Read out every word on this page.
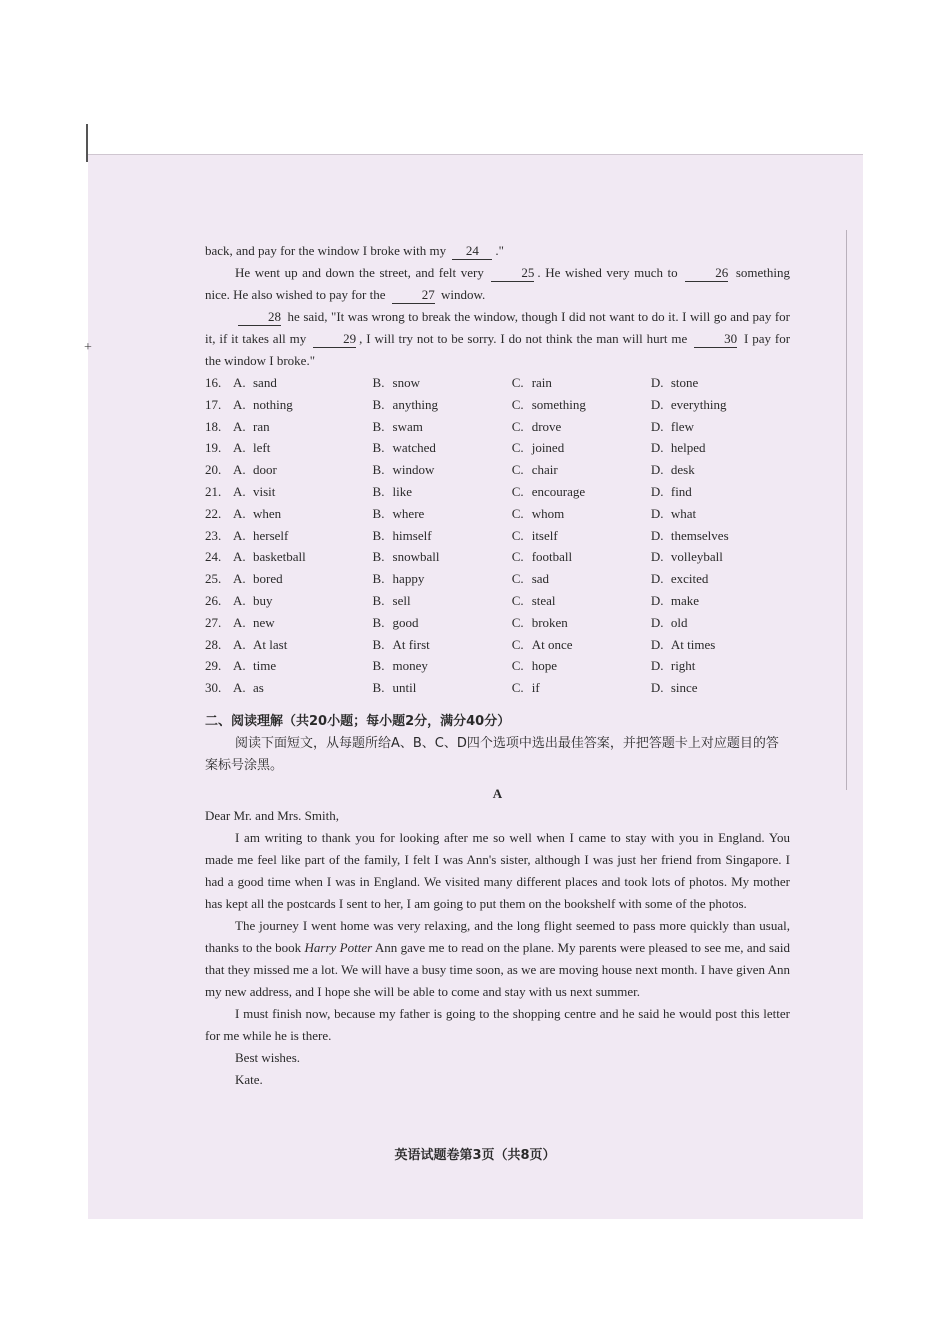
+

back, and pay for the window I broke with my 24 ."

He went up and down the street, and felt very	25 . He wished very much to	26 something nice. He also wished to pay for the	27 window.

28 he said, "It was wrong to break the window, though I did not want to do it. I will go and pay for it, if it takes all my	29 , I will try not to be sorry. I do not think the man will hurt me	30 I pay for the window I broke."

16. A. sand	B. snow	C. rain	D. stone
17. A. nothing	B. anything	C. something	D. everything
18. A. ran	B. swam	C. drove	D. flew
19. A. left	B. watched	C. joined	D. helped
20. A. door	B. window	C. chair	D. desk
21. A. visit	B. like	C. encourage	D. find
22. A. when	B. where	C. whom	D. what
23. A. herself	B. himself	C. itself	D. themselves
24. A. basketball	B. snowball	C. football	D. volleyball
25. A. bored	B. happy	C. sad	D. excited
26. A. buy	B. sell	C. steal	D. make
27. A. new	B. good	C. broken	D. old
28. A. At last	B. At first	C. At once	D. At times
29. A. time	B. money	C. hope	D. right
30. A. as	B. until	C. if	D. since
二、阅读理解（共20小题；每小题2分，满分40分）
阅读下面短文，从每题所给A、B、C、D四个选项中选出最佳答案，并把答题卡上对应题目的答案标号涂黑。
A

Dear Mr. and Mrs. Smith,

I am writing to thank you for looking after me so well when I came to stay with you in England. You made me feel like part of the family, I felt I was Ann's sister, although I was just her friend from Singapore. I had a good time when I was in England. We visited many different places and took lots of photos. My mother has kept all the postcards I sent to her, I am going to put them on the bookshelf with some of the photos.

The journey I went home was very relaxing, and the long flight seemed to pass more quickly than usual, thanks to the book Harry Potter Ann gave me to read on the plane. My parents were pleased to see me, and said that they missed me a lot. We will have a busy time soon, as we are moving house next month. I have given Ann my new address, and I hope she will be able to come and stay with us next summer.

I must finish now, because my father is going to the shopping centre and he said he would post this letter for me while he is there.

Best wishes.

Kate.

英语试题卷第3页（共8页）
